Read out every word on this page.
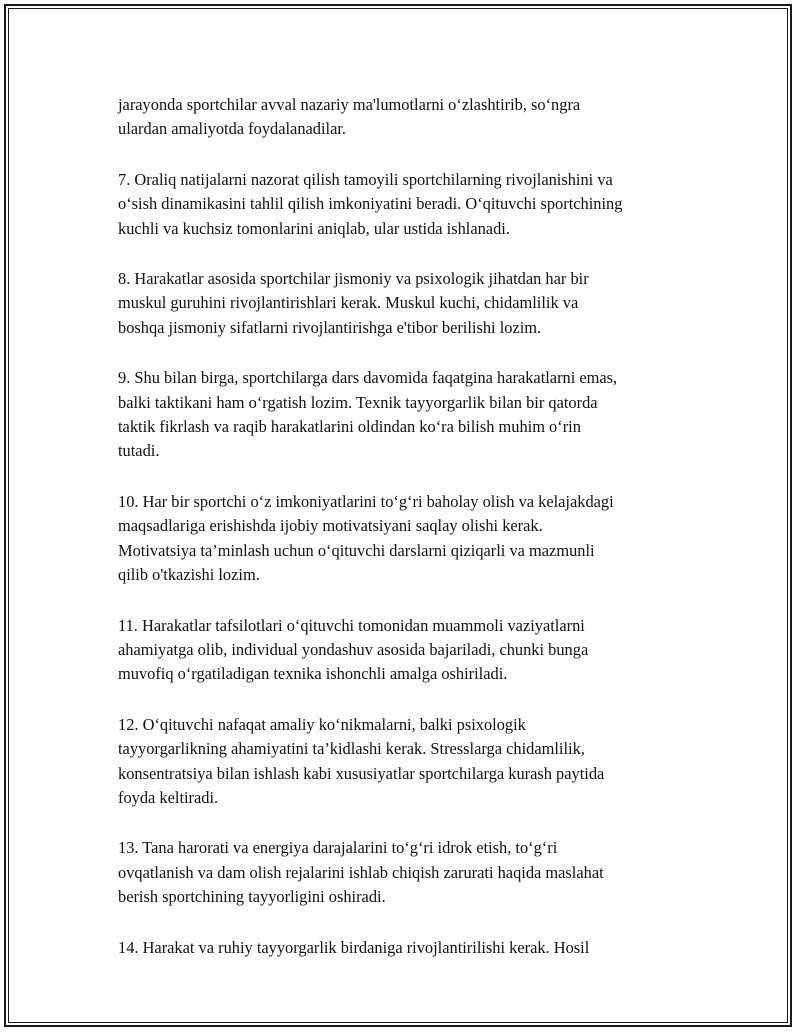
jarayonda sportchilar avval nazariy ma'lumotlarni o‘zlashtirib, so‘ngra
ulardan amaliyotda foydalanadilar.

7. Oraliq natijalarni nazorat qilish tamoyili sportchilarning rivojlanishini va
o‘sish dinamikasini tahlil qilish imkoniyatini beradi. O‘qituvchi sportchining
kuchli va kuchsiz tomonlarini aniqlab, ular ustida ishlanadi.

8. Harakatlar asosida sportchilar jismoniy va psixologik jihatdan har bir
muskul guruhini rivojlantirishlari kerak. Muskul kuchi, chidamlilik va
boshqa jismoniy sifatlarni rivojlantirishga e'tibor berilishi lozim.

9. Shu bilan birga, sportchilarga dars davomida faqatgina harakatlarni emas,
balki taktikani ham o‘rgatish lozim. Texnik tayyorgarlik bilan bir qatorda
taktik fikrlash va raqib harakatlarini oldindan ko‘ra bilish muhim o‘rin
tutadi.

10. Har bir sportchi o‘z imkoniyatlarini to‘g‘ri baholay olish va kelajakdagi
maqsadlariga erishishda ijobiy motivatsiyani saqlay olishi kerak.
Motivatsiya ta’minlash uchun o‘qituvchi darslarni qiziqarli va mazmunli
qilib o'tkazishi lozim.

11. Harakatlar tafsilotlari o‘qituvchi tomonidan muammoli vaziyatlarni
ahamiyatga olib, individual yondashuv asosida bajariladi, chunki bunga
muvofiq o‘rgatiladigan texnika ishonchli amalga oshiriladi.

12. O‘qituvchi nafaqat amaliy ko‘nikmalarni, balki psixologik
tayyorgarlikning ahamiyatini ta’kidlashi kerak. Stresslarga chidamlilik,
konsentratsiya bilan ishlash kabi xususiyatlar sportchilarga kurash paytida
foyda keltiradi.

13. Tana harorati va energiya darajalarini to‘g‘ri idrok etish, to‘g‘ri
ovqatlanish va dam olish rejalarini ishlab chiqish zarurati haqida maslahat
berish sportchining tayyorligini oshiradi.

14. Harakat va ruhiy tayyorgarlik birdaniga rivojlantirilishi kerak. Hosil
